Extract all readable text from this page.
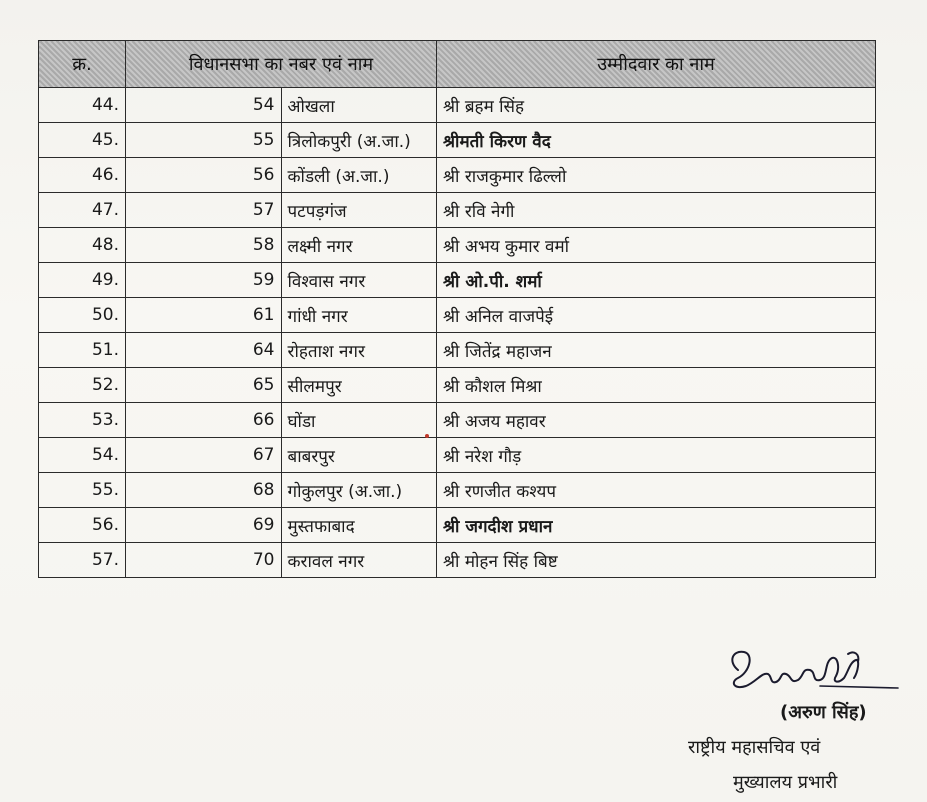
क्र.	विधानसभा का नबर एवं नाम		उम्मीदवार का नाम
44.	54	ओखला	श्री ब्रहम सिंह
45.	55	त्रिलोकपुरी (अ.जा.)	श्रीमती किरण वैद
46.	56	कोंडली (अ.जा.)	श्री राजकुमार ढिल्लो
47.	57	पटपड़गंज	श्री रवि नेगी
48.	58	लक्ष्मी नगर	श्री अभय कुमार वर्मा
49.	59	विश्वास नगर	श्री ओ.पी. शर्मा
50.	61	गांधी नगर	श्री अनिल वाजपेई
51.	64	रोहताश नगर	श्री जितेंद्र महाजन
52.	65	सीलमपुर	श्री कौशल मिश्रा
53.	66	घोंडा	श्री अजय महावर
54.	67	बाबरपुर	श्री नरेश गौड़
55.	68	गोकुलपुर (अ.जा.)	श्री रणजीत कश्यप
56.	69	मुस्तफाबाद	श्री जगदीश प्रधान
57.	70	करावल नगर	श्री मोहन सिंह बिष्ट
(अरुण सिंह)
राष्ट्रीय महासचिव एवं
मुख्यालय प्रभारी
